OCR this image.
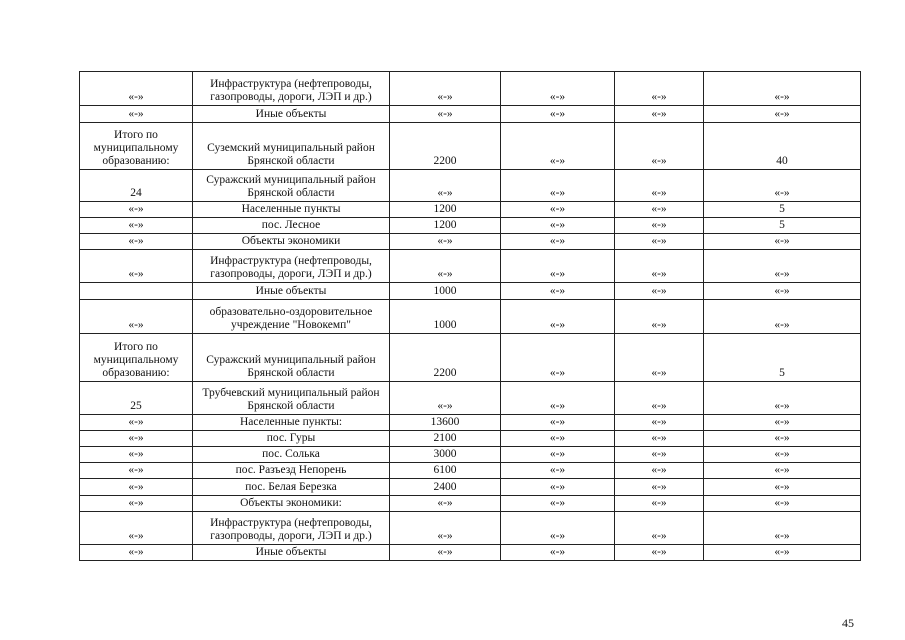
«-»	Инфраструктура (нефтепроводы, газопроводы, дороги, ЛЭП и др.)	«-»	«-»	«-»	«-»
«-»	Иные объекты	«-»	«-»	«-»	«-»
Итого по муниципальному образованию:	Суземский муниципальный район Брянской области	2200	«-»	«-»	40
24	Суражский муниципальный район Брянской области	«-»	«-»	«-»	«-»
«-»	Населенные пункты	1200	«-»	«-»	5
«-»	пос. Лесное	1200	«-»	«-»	5
«-»	Объекты экономики	«-»	«-»	«-»	«-»
«-»	Инфраструктура (нефтепроводы, газопроводы, дороги, ЛЭП и др.)	«-»	«-»	«-»	«-»
	Иные объекты	1000	«-»	«-»	«-»
«-»	образовательно-оздоровительное учреждение "Новокемп"	1000	«-»	«-»	«-»
Итого по муниципальному образованию:	Суражский муниципальный район Брянской области	2200	«-»	«-»	5
25	Трубчевский муниципальный район Брянской области	«-»	«-»	«-»	«-»
«-»	Населенные пункты:	13600	«-»	«-»	«-»
«-»	пос. Гуры	2100	«-»	«-»	«-»
«-»	пос. Солька	3000	«-»	«-»	«-»
«-»	пос. Разъезд Непорень	6100	«-»	«-»	«-»
«-»	пос. Белая Березка	2400	«-»	«-»	«-»
«-»	Объекты экономики:	«-»	«-»	«-»	«-»
«-»	Инфраструктура (нефтепроводы, газопроводы, дороги, ЛЭП и др.)	«-»	«-»	«-»	«-»
«-»	Иные объекты	«-»	«-»	«-»	«-»
45
